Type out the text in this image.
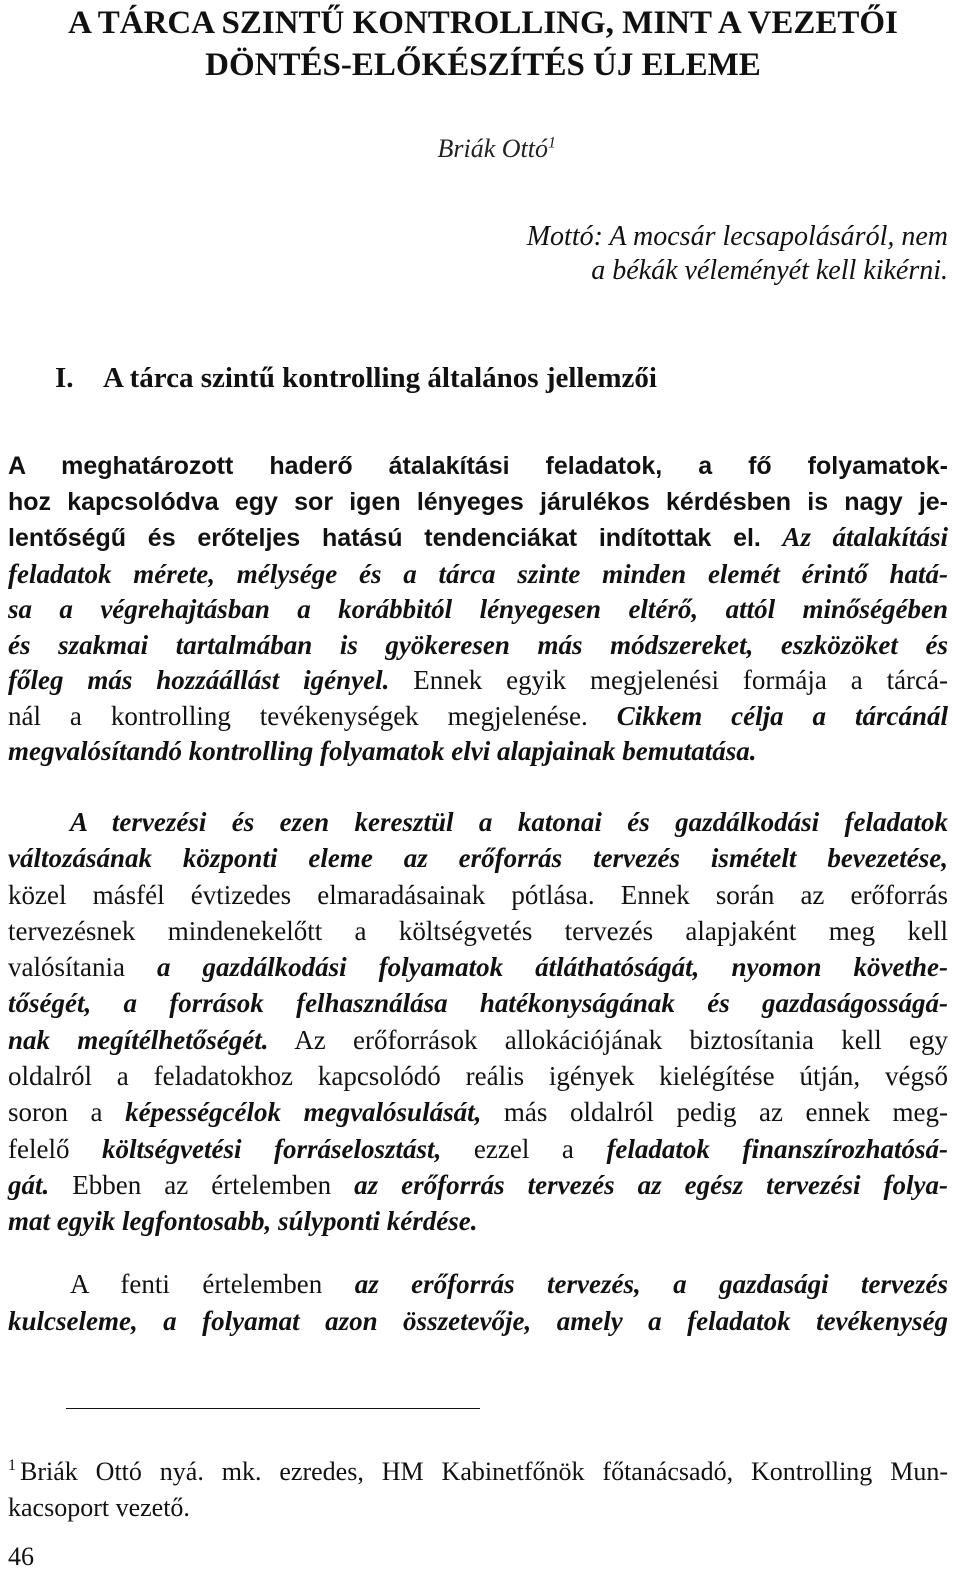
A TÁRCA SZINTŰ KONTROLLING, MINT A VEZETŐI
DÖNTÉS-ELŐKÉSZÍTÉS ÚJ ELEME
Briák Ottó$^1$
Mottó: A mocsár lecsapolásáról, nem
a békák véleményét kell kikérni.
I. A tárca szintű kontrolling általános jellemzői
A meghatározott haderő átalakítási feladatok, a fő folyamatok-
hoz kapcsolódva egy sor igen lényeges járulékos kérdésben is nagy je-
lentőségű és erőteljes hatású tendenciákat indítottak el. Az átalakítási
feladatok mérete, mélysége és a tárca szinte minden elemét érintő hatá-
sa a végrehajtásban a korábbitól lényegesen eltérő, attól minőségében
és szakmai tartalmában is gyökeresen más módszereket, eszközöket és
főleg más hozzáállást igényel. Ennek egyik megjelenési formája a tárcá-
nál a kontrolling tevékenységek megjelenése. Cikkem célja a tárcánál
megvalósítandó kontrolling folyamatok elvi alapjainak bemutatása.
A tervezési és ezen keresztül a katonai és gazdálkodási feladatok
változásának központi eleme az erőforrás tervezés ismételt bevezetése,
közel másfél évtizedes elmaradásainak pótlása. Ennek során az erőforrás
tervezésnek mindenekelőtt a költségvetés tervezés alapjaként meg kell
valósítania a gazdálkodási folyamatok átláthatóságát, nyomon követhe-
tőségét, a források felhasználása hatékonyságának és gazdaságosságá-
nak megítélhetőségét. Az erőforrások allokációjának biztosítania kell egy
oldalról a feladatokhoz kapcsolódó reális igények kielégítése útján, végső
soron a képességcélok megvalósulását, más oldalról pedig az ennek meg-
felelő költségvetési forráselosztást, ezzel a feladatok finanszírozhatósá-
gát. Ebben az értelemben az erőforrás tervezés az egész tervezési folya-
mat egyik legfontosabb, súlyponti kérdése.
A fenti értelemben az erőforrás tervezés, a gazdasági tervezés
kulcseleme, a folyamat azon összetevője, amely a feladatok tevékenység
$^1$ Briák Ottó nyá. mk. ezredes, HM Kabinetfőnök főtanácsadó, Kontrolling Mun-
kacsoport vezető.
46
